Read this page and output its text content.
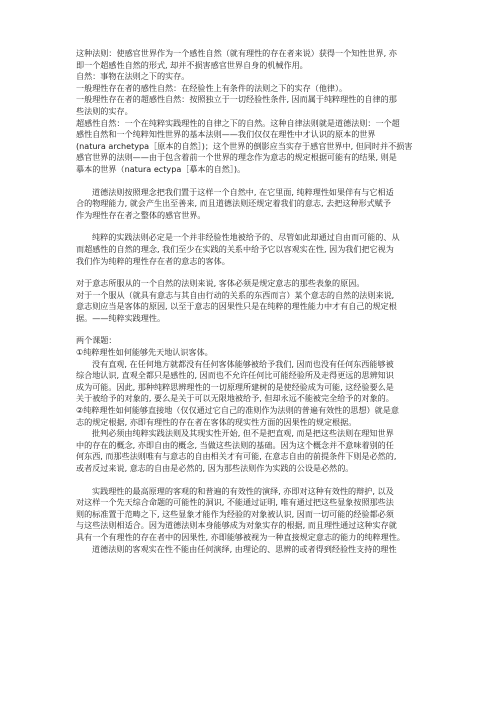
这种法则：使感官世界作为一个感性自然（就有理性的存在者来说）获得一个知性世界, 亦
即一个超感性自然的形式, 却并不损害感官世界自身的机械作用。
自然：事物在法则之下的实存。
一般理性存在者的感性自然：在经验性上有条件的法则之下的实存（他律）。
一般理性存在者的超感性自然：按照独立于一切经验性条件, 因而属于纯粹理性的自律的那
些法则的实存。
超感性自然：一个在纯粹实践理性的自律之下的自然。这种自律法则就是道德法则：一个超
感性自然和一个纯粹知性世界的基本法则——我们仅仅在理性中才认识的原本的世界
(natura archetypa［原本的自然］)；这个世界的倒影应当实存于感官世界中, 但同时并不损害
感官世界的法则——由于包含着前一个世界的理念作为意志的规定根据可能有的结果, 则是
摹本的世界（natura ectypa［摹本的自然］)。
道德法则按照理念把我们置于这样一个自然中, 在它里面, 纯粹理性如果伴有与它相适
合的物理能力, 就会产生出至善来, 而且道德法则还规定着我们的意志, 去把这种形式赋予
作为理性存在者之整体的感官世界。
纯粹的实践法则必定是一个并非经验性地被给予的、尽管如此却通过自由而可能的、从
而超感性的自然的理念, 我们至少在实践的关系中给予它以容观实在性, 因为我们把它视为
我们作为纯粹的理性存在者的意志的客体。
对于意志所服从的一个自然的法则来说, 客体必须是规定意志的那些表象的原因。
对于一个服从（就具有意志与其自由行动的关系的东西而言）某个意志的自然的法则来说,
意志则应当是客体的原因, 以至于意志的因果性只是在纯粹的理性能力中才有自己的规定根
据。——纯粹实践理性。
两个课题：
①纯粹理性如何能够先天地认识客体。
没有直观, 在任何地方就都没有任何客体能够被给予我们, 因而也没有任何东西能够被
综合地认识, 直观全都只是感性的, 因而也不允许任何比可能经验所及走得更远的思辨知识
成为可能。因此, 那种纯粹思辨理性的一切原理所建树的是使经验成为可能, 这经验要么是
关于被给予的对象的, 要么是关于可以无限地被给予, 但却永远不能被完全给予的对象的。
②纯粹理性如何能够直接地（仅仅通过它自己的准则作为法则的普遍有效性的思想）就是意
志的规定根据, 亦即有理性的存在者在客体的现实性方面的因果性的规定根据。
批判必须由纯粹实践法则及其现实性开始, 但不是把直观, 而是把这些法则在理知世界
中的存在的概念, 亦即自由的概念, 当做这些法则的基础。因为这个概念并不意味着别的任
何东西, 而那些法则唯有与意志的自由相关才有可能, 在意志自由的前提条件下则是必然的,
或者反过来说, 意志的自由是必然的, 因为那些法则作为实践的公设是必然的。
实践理性的最高原理的客观的和普遍的有效性的演绎, 亦即对这种有效性的辩护, 以及
对这样一个先天综合命题的可能性的洞识, 不能通过证明, 唯有通过把这些显象按照那些法
则的标准置于范畴之下, 这些显象才能作为经验的对象被认识, 因而一切可能的经验都必须
与这些法则相适合。因为道德法则本身能够成为对象实存的根据, 而且理性通过这种实存就
具有一个有理性的存在者中的因果性, 亦即能够被视为一种直接规定意志的能力的纯粹理性。
道德法则的客观实在性不能由任何演绎, 由理论的、思辨的或者得到经验性支持的理性
